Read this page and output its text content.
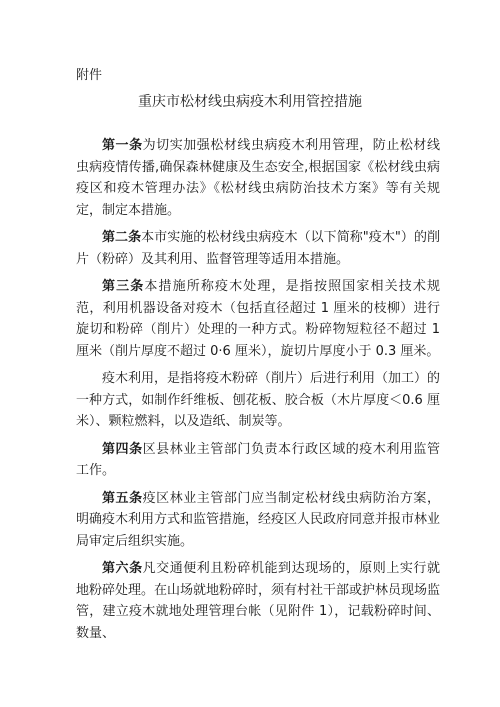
附件
重庆市松材线虫病疫木利用管控措施

第一条为切实加强松材线虫病疫木利用管理，防止松材线虫病疫情传播,确保森林健康及生态安全,根据国家《松材线虫病疫区和疫木管理办法》《松材线虫病防治技术方案》等有关规定，制定本措施。

第二条本市实施的松材线虫病疫木（以下简称"疫木"）的削片（粉碎）及其利用、监督管理等适用本措施。

第三条本措施所称疫木处理，是指按照国家相关技术规范，利用机器设备对疫木（包括直径超过 1 厘米的枝柳）进行旋切和粉碎（削片）处理的一种方式。粉碎物短粒径不超过 1 厘米（削片厚度不超过 0·6 厘米），旋切片厚度小于 0.3 厘米。

疫木利用，是指将疫木粉碎（削片）后进行利用（加工）的一种方式，如制作纤维板、刨花板、胶合板（木片厚度＜0.6 厘米）、颗粒燃料，以及造纸、制炭等。

第四条区县林业主管部门负责本行政区域的疫木利用监管工作。

第五条疫区林业主管部门应当制定松材线虫病防治方案，明确疫木利用方式和监管措施，经疫区人民政府同意并报市林业局审定后组织实施。

第六条凡交通便利且粉碎机能到达现场的，原则上实行就地粉碎处理。在山场就地粉碎时，须有村社干部或护林员现场监管，建立疫木就地处理管理台帐（见附件 1），记载粉碎时间、数量、
